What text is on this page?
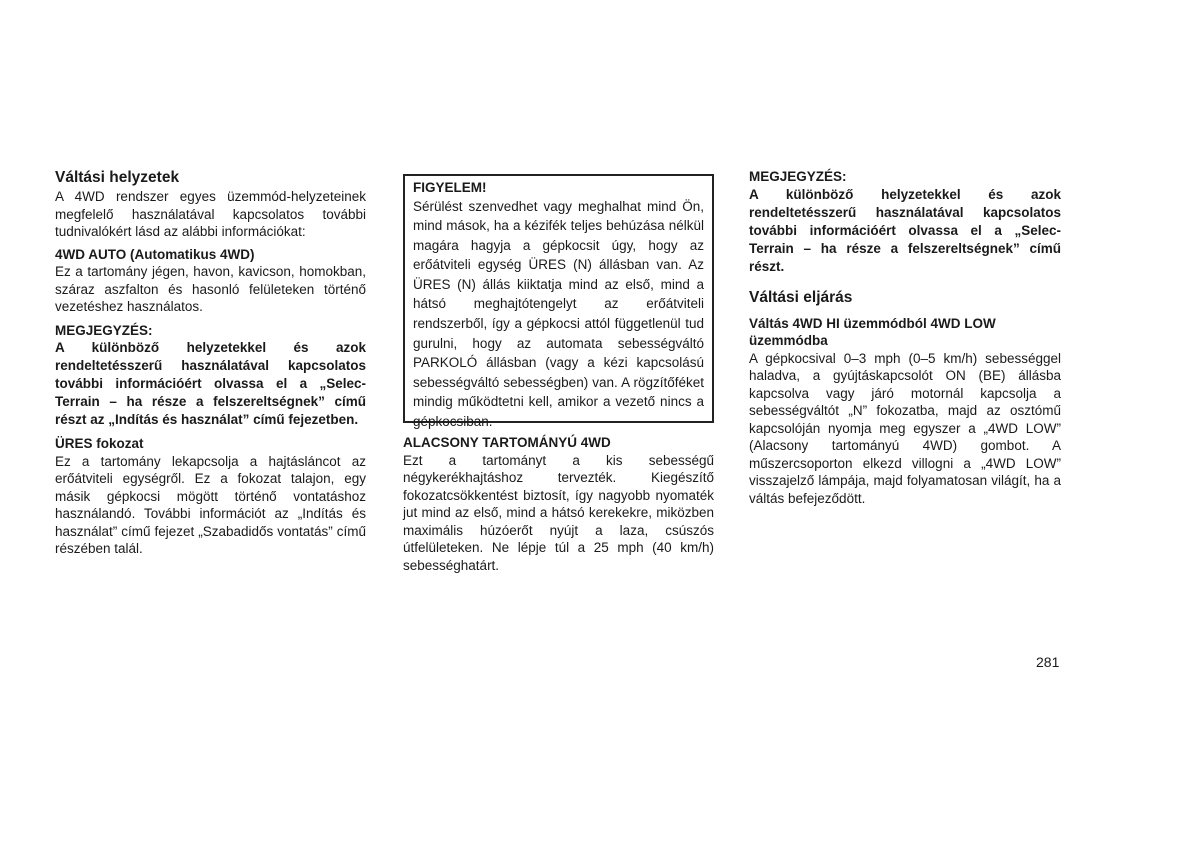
Váltási helyzetek

A 4WD rendszer egyes üzemmód-helyzeteinek megfelelő használatával kapcsolatos további tudnivalókért lásd az alábbi információkat:

4WD AUTO (Automatikus 4WD)

Ez a tartomány jégen, havon, kavicson, homokban, száraz aszfalton és hasonló felületeken történő vezetéshez használatos.

MEGJEGYZÉS:

A különböző helyzetekkel és azok rendeltetésszerű használatával kapcsolatos további információért olvassa el a „Selec-Terrain – ha része a felszereltségnek” című részt az „Indítás és használat” című fejezetben.

ÜRES fokozat

Ez a tartomány lekapcsolja a hajtásláncot az erőátviteli egységről. Ez a fokozat talajon, egy másik gépkocsi mögött történő vontatáshoz használandó. További információt az „Indítás és használat” című fejezet „Szabadidős vontatás” című részében talál.

FIGYELEM!

Sérülést szenvedhet vagy meghalhat mind Ön, mind mások, ha a kézifék teljes behúzása nélkül magára hagyja a gépkocsit úgy, hogy az erőátviteli egység ÜRES (N) állásban van. Az ÜRES (N) állás kiiktatja mind az első, mind a hátsó meghajtótengelyt az erőátviteli rendszerből, így a gépkocsi attól függetlenül tud gurulni, hogy az automata sebességváltó PARKOLÓ állásban (vagy a kézi kapcsolású sebességváltó sebességben) van. A rögzítőféket mindig működtetni kell, amikor a vezető nincs a gépkocsiban.

ALACSONY TARTOMÁNYÚ 4WD

Ezt a tartományt a kis sebességű négykerékhajtáshoz tervezték. Kiegészítő fokozatcsökkentést biztosít, így nagyobb nyomaték jut mind az első, mind a hátsó kerekekre, miközben maximális húzóerőt nyújt a laza, csúszós útfelületeken. Ne lépje túl a 25 mph (40 km/h) sebességhatárt.

MEGJEGYZÉS:

A különböző helyzetekkel és azok rendeltetésszerű használatával kapcsolatos további információért olvassa el a „Selec-Terrain – ha része a felszereltségnek” című részt.

Váltási eljárás

Váltás 4WD HI üzemmódból 4WD LOW üzemmódba

A gépkocsival 0–3 mph (0–5 km/h) sebességgel haladva, a gyújtáskapcsolót ON (BE) állásba kapcsolva vagy járó motornál kapcsolja a sebességváltót „N” fokozatba, majd az osztómű kapcsolóján nyomja meg egyszer a „4WD LOW” (Alacsony tartományú 4WD) gombot. A műszercsoporton elkezd villogni a „4WD LOW” visszajelző lámpája, majd folyamatosan világít, ha a váltás befejeződött.

281
